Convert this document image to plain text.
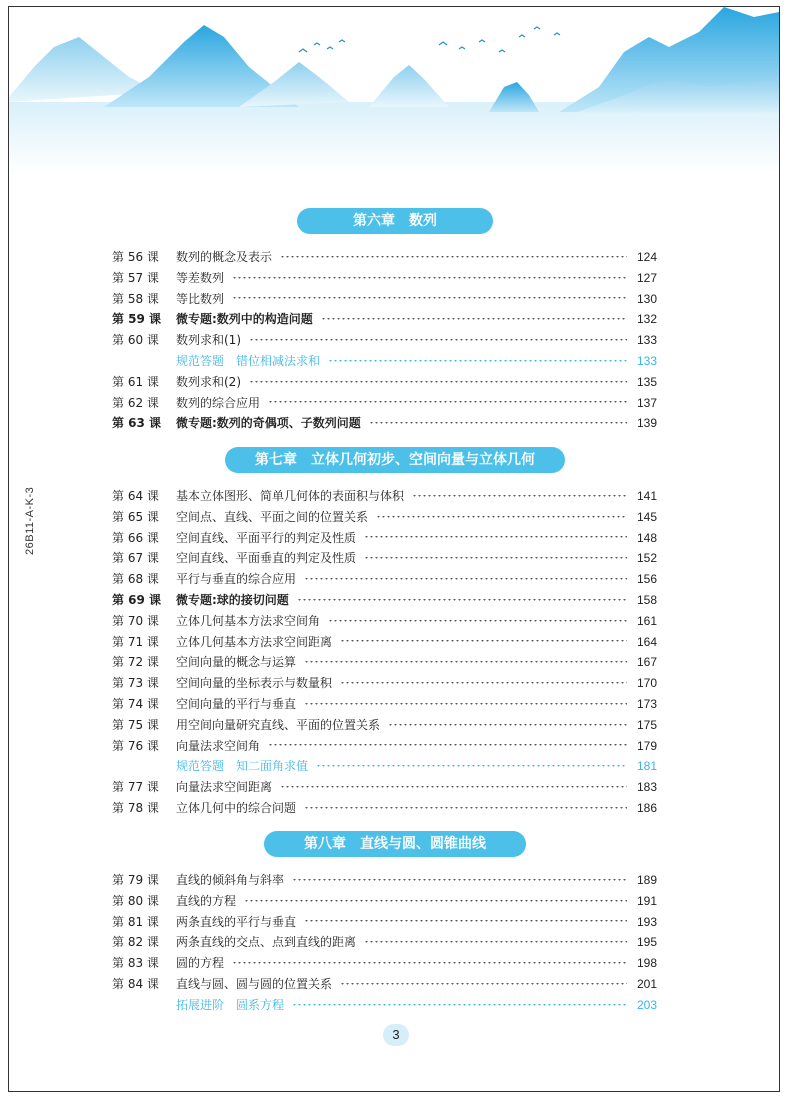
26B11-A-K-3
第六章　数列
第 56 课	数列的概念及表示	124
第 57 课	等差数列	127
第 58 课	等比数列	130
第 59 课	微专题:数列中的构造问题	132
第 60 课	数列求和(1)	133
规范答题　错位相减法求和	133
第 61 课	数列求和(2)	135
第 62 课	数列的综合应用	137
第 63 课	微专题:数列的奇偶项、子数列问题	139
第七章　立体几何初步、空间向量与立体几何
第 64 课	基本立体图形、简单几何体的表面积与体积	141
第 65 课	空间点、直线、平面之间的位置关系	145
第 66 课	空间直线、平面平行的判定及性质	148
第 67 课	空间直线、平面垂直的判定及性质	152
第 68 课	平行与垂直的综合应用	156
第 69 课	微专题:球的接切问题	158
第 70 课	立体几何基本方法求空间角	161
第 71 课	立体几何基本方法求空间距离	164
第 72 课	空间向量的概念与运算	167
第 73 课	空间向量的坐标表示与数量积	170
第 74 课	空间向量的平行与垂直	173
第 75 课	用空间向量研究直线、平面的位置关系	175
第 76 课	向量法求空间角	179
规范答题　知二面角求值	181
第 77 课	向量法求空间距离	183
第 78 课	立体几何中的综合问题	186
第八章　直线与圆、圆锥曲线
第 79 课	直线的倾斜角与斜率	189
第 80 课	直线的方程	191
第 81 课	两条直线的平行与垂直	193
第 82 课	两条直线的交点、点到直线的距离	195
第 83 课	圆的方程	198
第 84 课	直线与圆、圆与圆的位置关系	201
拓展进阶　圆系方程	203
3
